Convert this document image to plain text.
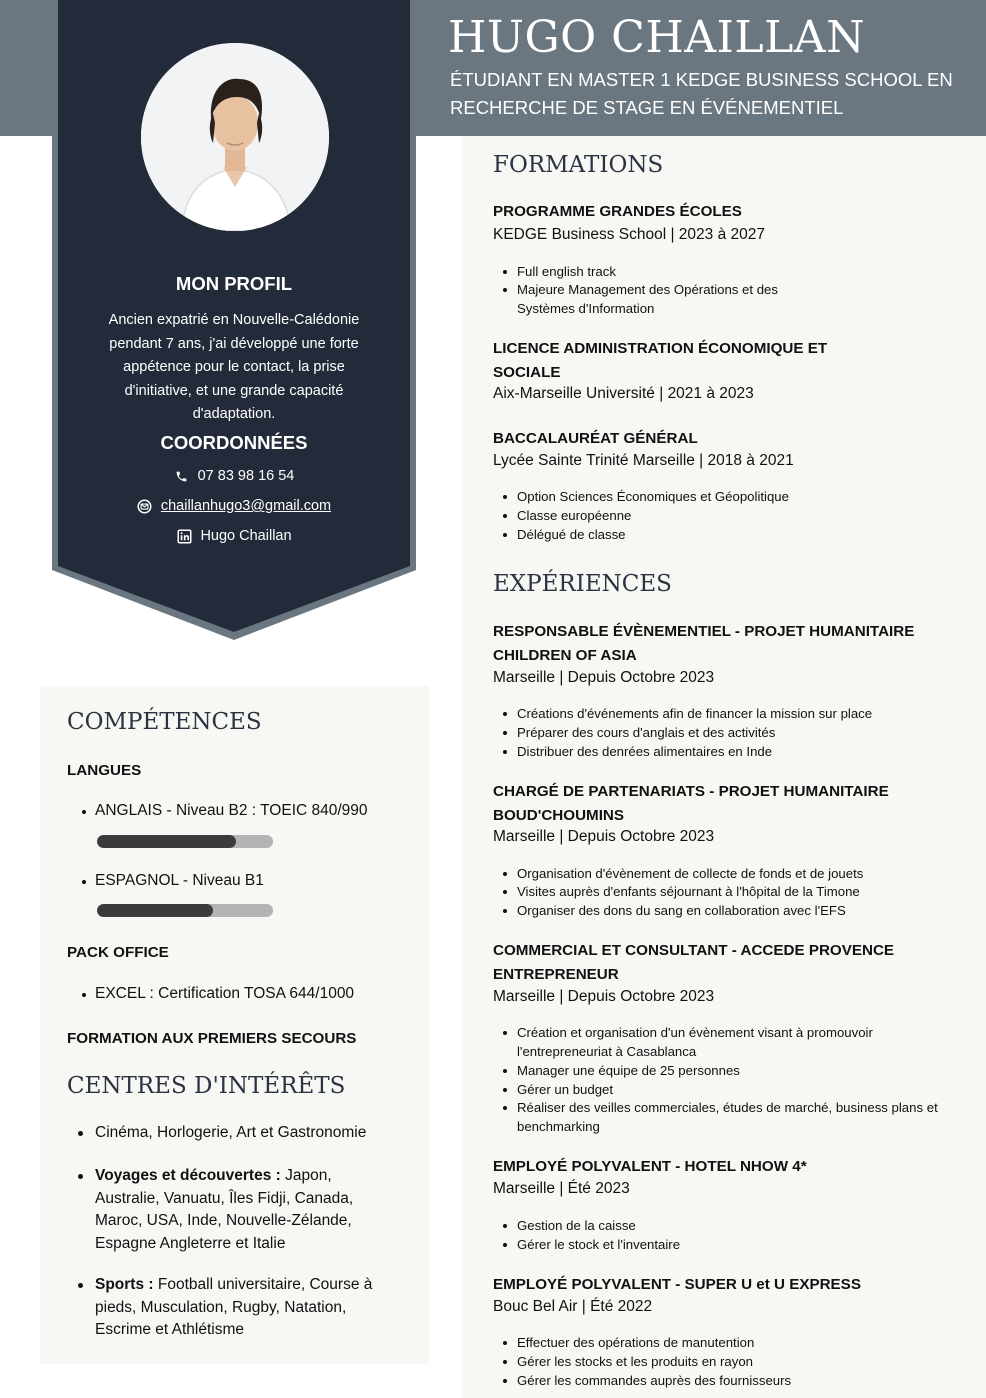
HUGO CHAILLAN
ÉTUDIANT EN MASTER 1 KEDGE BUSINESS SCHOOL EN RECHERCHE DE STAGE EN ÉVÉNEMENTIEL
MON PROFIL
Ancien expatrié en Nouvelle-Calédonie pendant 7 ans, j'ai développé une forte appétence pour le contact, la prise d'initiative, et une grande capacité d'adaptation.
COORDONNÉES
07 83 98 16 54
chaillanhugo3@gmail.com
Hugo Chaillan
COMPÉTENCES
LANGUES
ANGLAIS - Niveau B2 : TOEIC 840/990
ESPAGNOL - Niveau B1
PACK OFFICE
EXCEL : Certification TOSA 644/1000
FORMATION AUX PREMIERS SECOURS
CENTRES D'INTÉRÊTS
Cinéma, Horlogerie, Art et Gastronomie
Voyages et découvertes : Japon, Australie, Vanuatu, Îles Fidji, Canada, Maroc, USA, Inde, Nouvelle-Zélande, Espagne Angleterre et Italie
Sports : Football universitaire, Course à pieds, Musculation, Rugby, Natation, Escrime et Athlétisme
FORMATIONS
PROGRAMME GRANDES ÉCOLES
KEDGE Business School | 2023 à 2027
Full english track
Majeure Management des Opérations et des Systèmes d'Information
LICENCE ADMINISTRATION ÉCONOMIQUE ET SOCIALE
Aix-Marseille Université | 2021 à 2023
BACCALAURÉAT GÉNÉRAL
Lycée Sainte Trinité Marseille | 2018 à 2021
Option Sciences Économiques et Géopolitique
Classe européenne
Délégué de classe
EXPÉRIENCES
RESPONSABLE ÉVÈNEMENTIEL - PROJET HUMANITAIRE CHILDREN OF ASIA
Marseille | Depuis Octobre 2023
Créations d'événements afin de financer la mission sur place
Préparer des cours d'anglais et des activités
Distribuer des denrées alimentaires en Inde
CHARGÉ DE PARTENARIATS - PROJET HUMANITAIRE BOUD'CHOUMINS
Marseille | Depuis Octobre 2023
Organisation d'évènement de collecte de fonds et de jouets
Visites auprès d'enfants séjournant à l'hôpital de la Timone
Organiser des dons du sang en collaboration avec l'EFS
COMMERCIAL ET CONSULTANT - ACCEDE PROVENCE ENTREPRENEUR
Marseille | Depuis Octobre 2023
Création et organisation d'un évènement visant à promouvoir l'entrepreneuriat à Casablanca
Manager une équipe de 25 personnes
Gérer un budget
Réaliser des veilles commerciales, études de marché, business plans et benchmarking
EMPLOYÉ POLYVALENT - HOTEL NHOW 4*
Marseille | Été 2023
Gestion de la caisse
Gérer le stock et l'inventaire
EMPLOYÉ POLYVALENT - SUPER U et U EXPRESS
Bouc Bel Air | Été 2022
Effectuer des opérations de manutention
Gérer les stocks et les produits en rayon
Gérer les commandes auprès des fournisseurs
